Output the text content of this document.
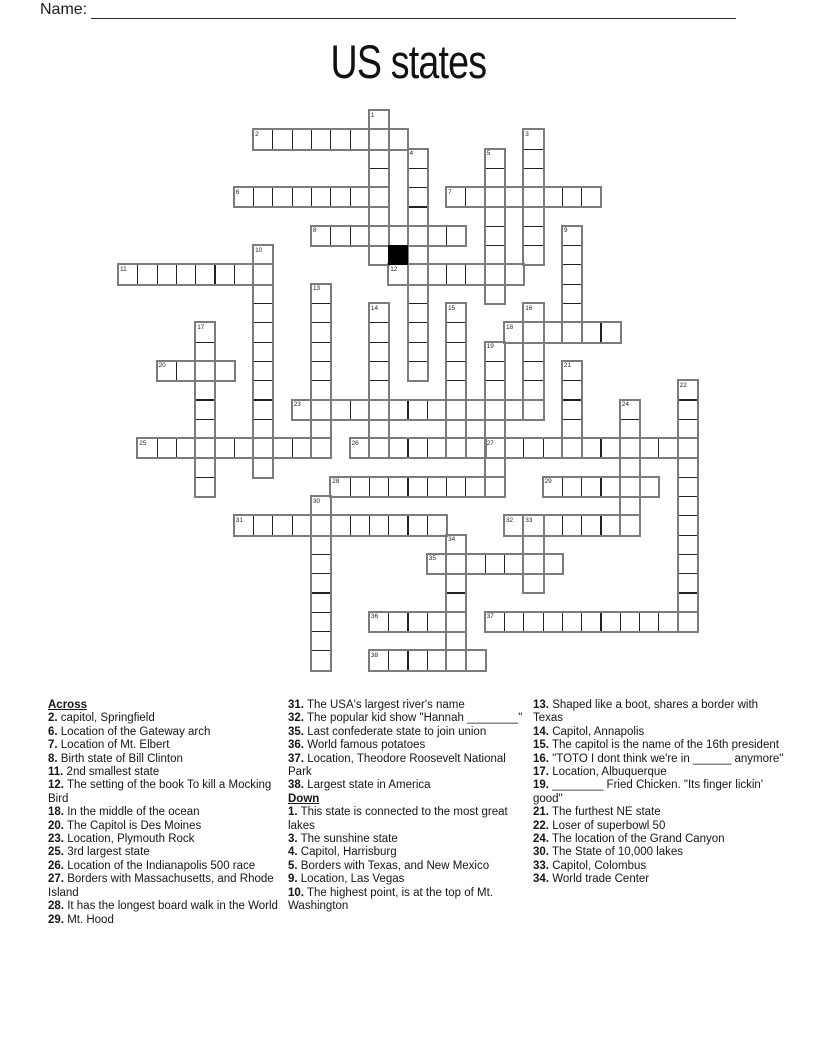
Name:
US states
1
2	3
4	5
6	7
8	9
10
11	12
13
14	15	16
17	18
19
20	21
22
23	24
25	26	27
28	29
30
31	32 33
34
35
36	37
38
Across
2. capitol, Springfield
6. Location of the Gateway arch
7. Location of Mt. Elbert
8. Birth state of Bill Clinton
11. 2nd smallest state
12. The setting of the book To kill a Mocking Bird
18. In the middle of the ocean
20. The Capitol is Des Moines
23. Location, Plymouth Rock
25. 3rd largest state
26. Location of the Indianapolis 500 race
27. Borders with Massachusetts, and Rhode Island
28. It has the longest board walk in the World
29. Mt. Hood
31. The USA's largest river's name
32. The popular kid show "Hannah ________"
35. Last confederate state to join union
36. World famous potatoes
37. Location, Theodore Roosevelt National Park
38. Largest state in America
Down
1. This state is connected to the most great lakes
3. The sunshine state
4. Capitol, Harrisburg
5. Borders with Texas, and New Mexico
9. Location, Las Vegas
10. The highest point, is at the top of Mt. Washington
13. Shaped like a boot, shares a border with Texas
14. Capitol, Annapolis
15. The capitol is the name of the 16th president
16. "TOTO I dont think we're in ______ anymore"
17. Location, Albuquerque
19. ________ Fried Chicken. "Its finger lickin' good"
21. The furthest NE state
22. Loser of superbowl 50
24. The location of the Grand Canyon
30. The State of 10,000 lakes
33. Capitol, Colombus
34. World trade Center
